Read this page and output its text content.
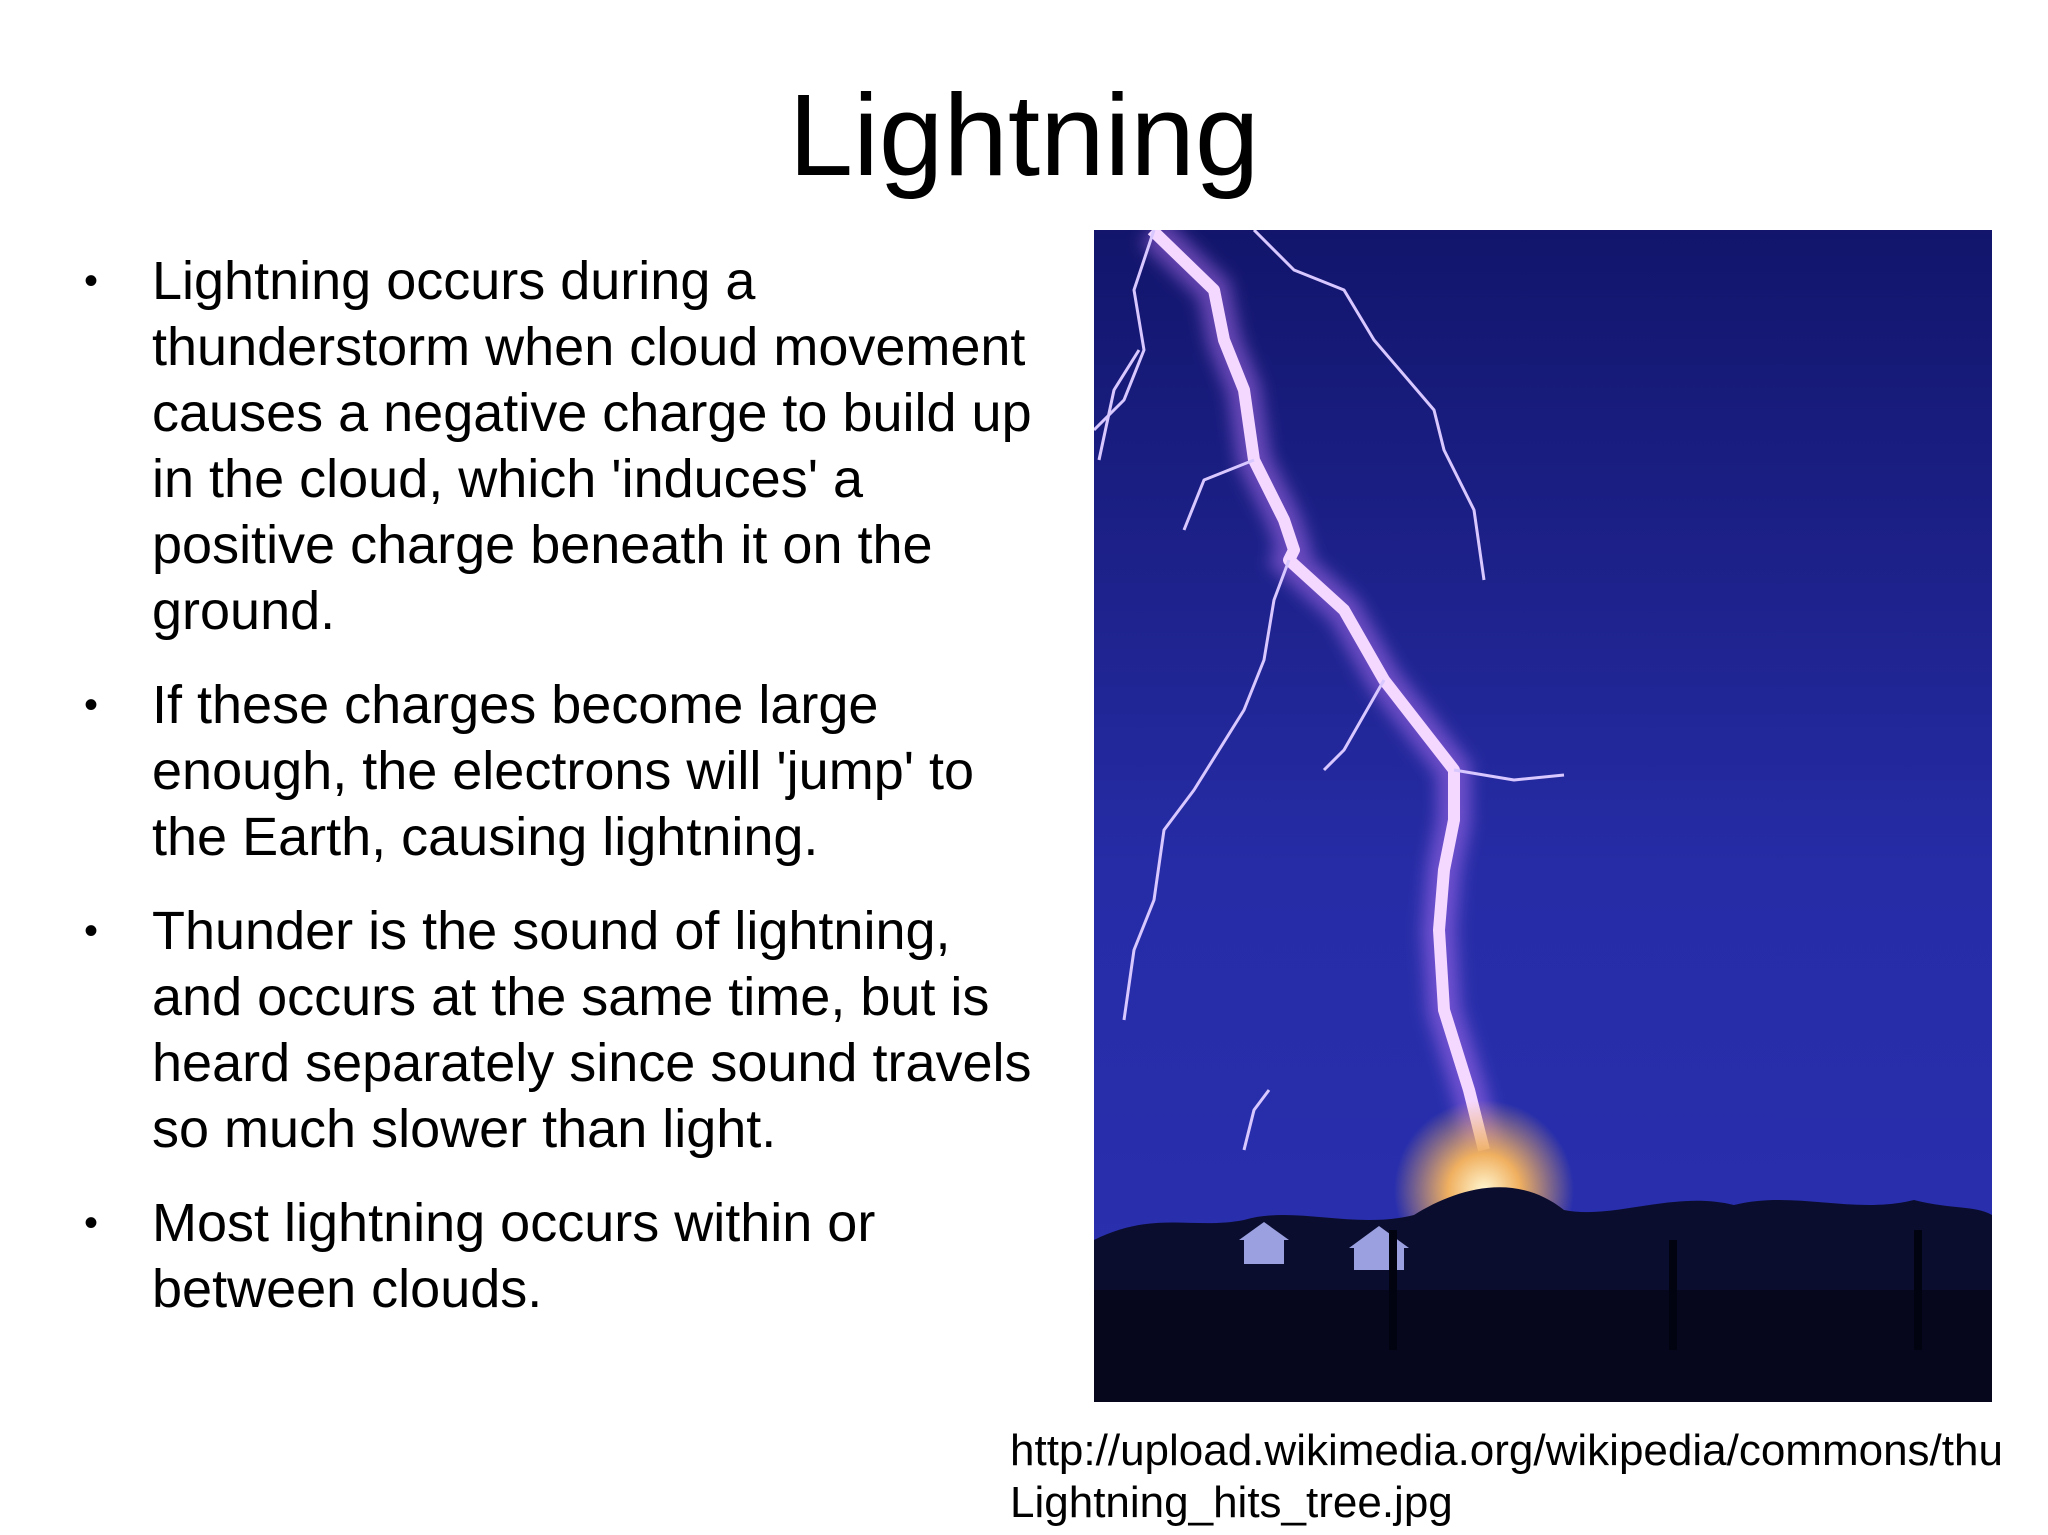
Lightning
• Lightning occurs during a thunderstorm when cloud movement causes a negative charge to build up in the cloud, which 'induces' a positive charge beneath it on the ground.
• If these charges become large enough, the electrons will 'jump' to the Earth, causing lightning.
• Thunder is the sound of lightning, and occurs at the same time, but is heard separately since sound travels so much slower than light.
• Most lightning occurs within or between clouds.
http://upload.wikimedia.org/wikipedia/commons/thu
Lightning_hits_tree.jpg
